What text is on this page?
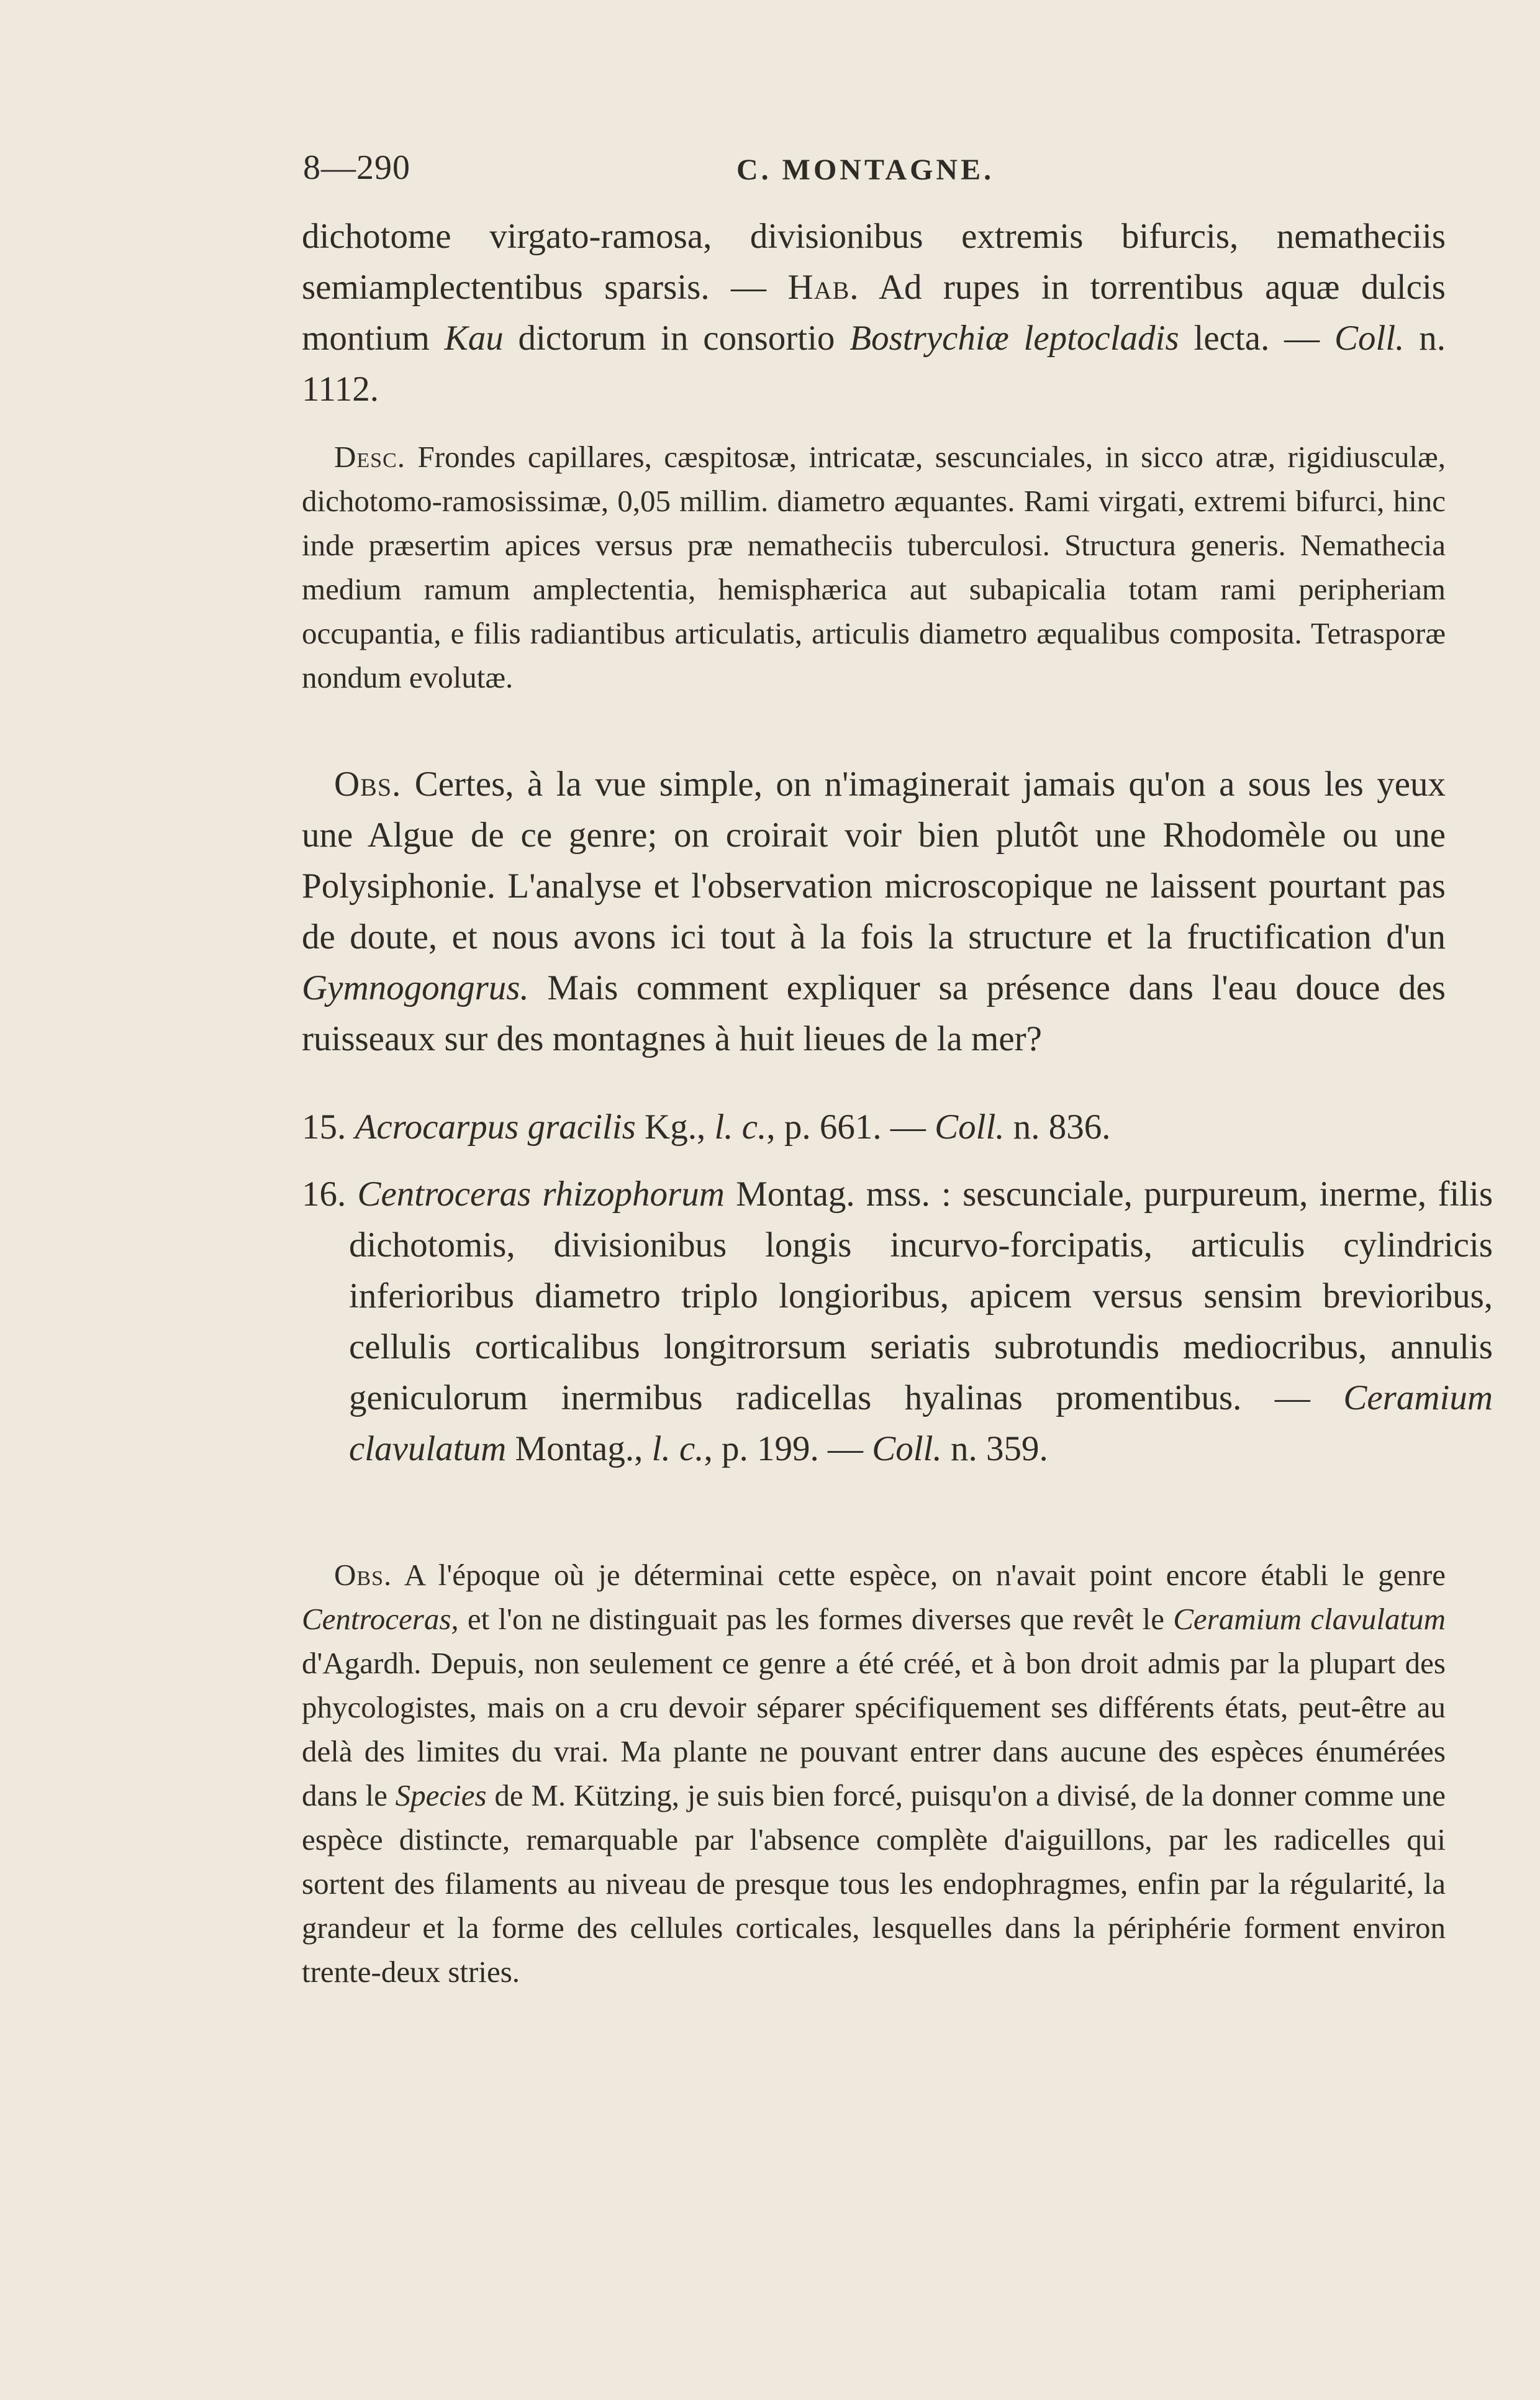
8—290	C. MONTAGNE.

dichotome virgato-ramosa, divisionibus extremis bifurcis, nematheciis semiamplectentibus sparsis. — Hab. Ad rupes in torrentibus aquæ dulcis montium Kau dictorum in consortio Bostrychiæ leptocladis lecta. — Coll. n. 1112.

Desc. Frondes capillares, cæspitosæ, intricatæ, sescunciales, in sicco atræ, rigidiusculæ, dichotomo-ramosissimæ, 0,05 millim. diametro æquantes. Rami virgati, extremi bifurci, hinc inde præsertim apices versus præ nematheciis tuberculosi. Structura generis. Nemathecia medium ramum amplectentia, hemisphærica aut subapicalia totam rami peripheriam occupantia, e filis radiantibus articulatis, articulis diametro æqualibus composita. Tetrasporæ nondum evolutæ.

Obs. Certes, à la vue simple, on n'imaginerait jamais qu'on a sous les yeux une Algue de ce genre; on croirait voir bien plutôt une Rhodomèle ou une Polysiphonie. L'analyse et l'observation microscopique ne laissent pourtant pas de doute, et nous avons ici tout à la fois la structure et la fructification d'un Gymnogongrus. Mais comment expliquer sa présence dans l'eau douce des ruisseaux sur des montagnes à huit lieues de la mer?

15. Acrocarpus gracilis Kg., l. c., p. 661. — Coll. n. 836.

16. Centroceras rhizophorum Montag. mss. : sescunciale, purpureum, inerme, filis dichotomis, divisionibus longis incurvo-forcipatis, articulis cylindricis inferioribus diametro triplo longioribus, apicem versus sensim brevioribus, cellulis corticalibus longitrorsum seriatis subrotundis mediocribus, annulis geniculorum inermibus radicellas hyalinas promentibus. — Ceramium clavulatum Montag., l. c., p. 199. — Coll. n. 359.

Obs. A l'époque où je déterminai cette espèce, on n'avait point encore établi le genre Centroceras, et l'on ne distinguait pas les formes diverses que revêt le Ceramium clavulatum d'Agardh. Depuis, non seulement ce genre a été créé, et à bon droit admis par la plupart des phycologistes, mais on a cru devoir séparer spécifiquement ses différents états, peut-être au delà des limites du vrai. Ma plante ne pouvant entrer dans aucune des espèces énumérées dans le Species de M. Kützing, je suis bien forcé, puisqu'on a divisé, de la donner comme une espèce distincte, remarquable par l'absence complète d'aiguillons, par les radicelles qui sortent des filaments au niveau de presque tous les endophragmes, enfin par la régularité, la grandeur et la forme des cellules corticales, lesquelles dans la périphérie forment environ trente-deux stries.
